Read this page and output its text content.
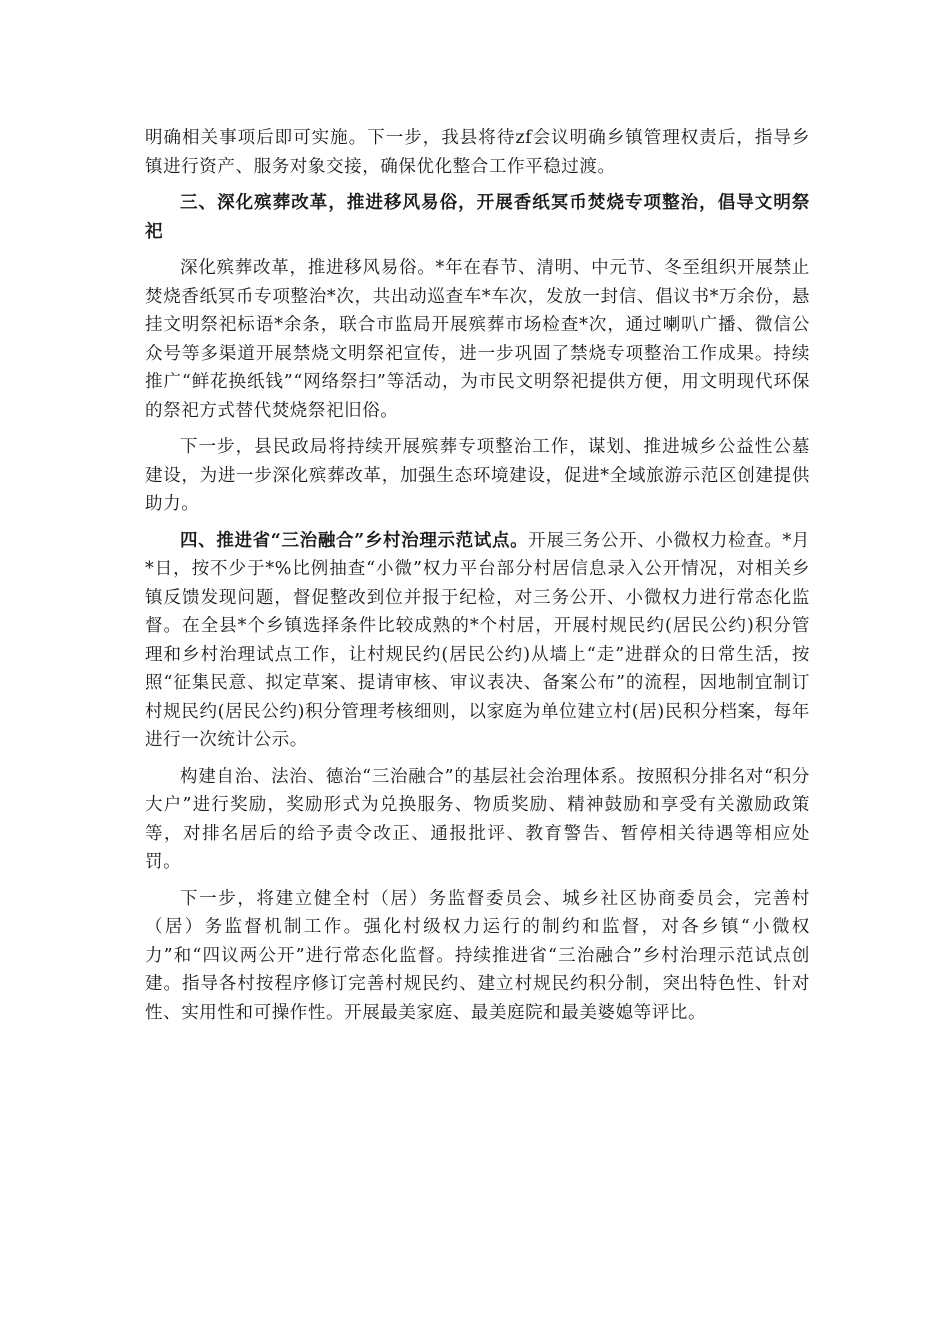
明确相关事项后即可实施。下一步，我县将待zf会议明确乡镇管理权责后，指导乡镇进行资产、服务对象交接，确保优化整合工作平稳过渡。

三、深化殡葬改革，推进移风易俗，开展香纸冥币焚烧专项整治，倡导文明祭祀

深化殡葬改革，推进移风易俗。*年在春节、清明、中元节、冬至组织开展禁止焚烧香纸冥币专项整治*次，共出动巡查车*车次，发放一封信、倡议书*万余份，悬挂文明祭祀标语*余条，联合市监局开展殡葬市场检查*次，通过喇叭广播、微信公众号等多渠道开展禁烧文明祭祀宣传，进一步巩固了禁烧专项整治工作成果。持续推广“鲜花换纸钱”“网络祭扫”等活动，为市民文明祭祀提供方便，用文明现代环保的祭祀方式替代焚烧祭祀旧俗。

下一步，县民政局将持续开展殡葬专项整治工作，谋划、推进城乡公益性公墓建设，为进一步深化殡葬改革，加强生态环境建设，促进*全域旅游示范区创建提供助力。

四、推进省“三治融合”乡村治理示范试点。开展三务公开、小微权力检查。*月*日，按不少于*%比例抽查“小微”权力平台部分村居信息录入公开情况，对相关乡镇反馈发现问题，督促整改到位并报于纪检，对三务公开、小微权力进行常态化监督。在全县*个乡镇选择条件比较成熟的*个村居，开展村规民约(居民公约)积分管理和乡村治理试点工作，让村规民约(居民公约)从墙上“走”进群众的日常生活，按照“征集民意、拟定草案、提请审核、审议表决、备案公布”的流程，因地制宜制订村规民约(居民公约)积分管理考核细则，以家庭为单位建立村(居)民积分档案，每年进行一次统计公示。

构建自治、法治、德治“三治融合”的基层社会治理体系。按照积分排名对“积分大户”进行奖励，奖励形式为兑换服务、物质奖励、精神鼓励和享受有关激励政策等，对排名居后的给予责令改正、通报批评、教育警告、暂停相关待遇等相应处罚。

下一步，将建立健全村（居）务监督委员会、城乡社区协商委员会，完善村（居）务监督机制工作。强化村级权力运行的制约和监督，对各乡镇“小微权力”和“四议两公开”进行常态化监督。持续推进省“三治融合”乡村治理示范试点创建。指导各村按程序修订完善村规民约、建立村规民约积分制，突出特色性、针对性、实用性和可操作性。开展最美家庭、最美庭院和最美婆媳等评比。
